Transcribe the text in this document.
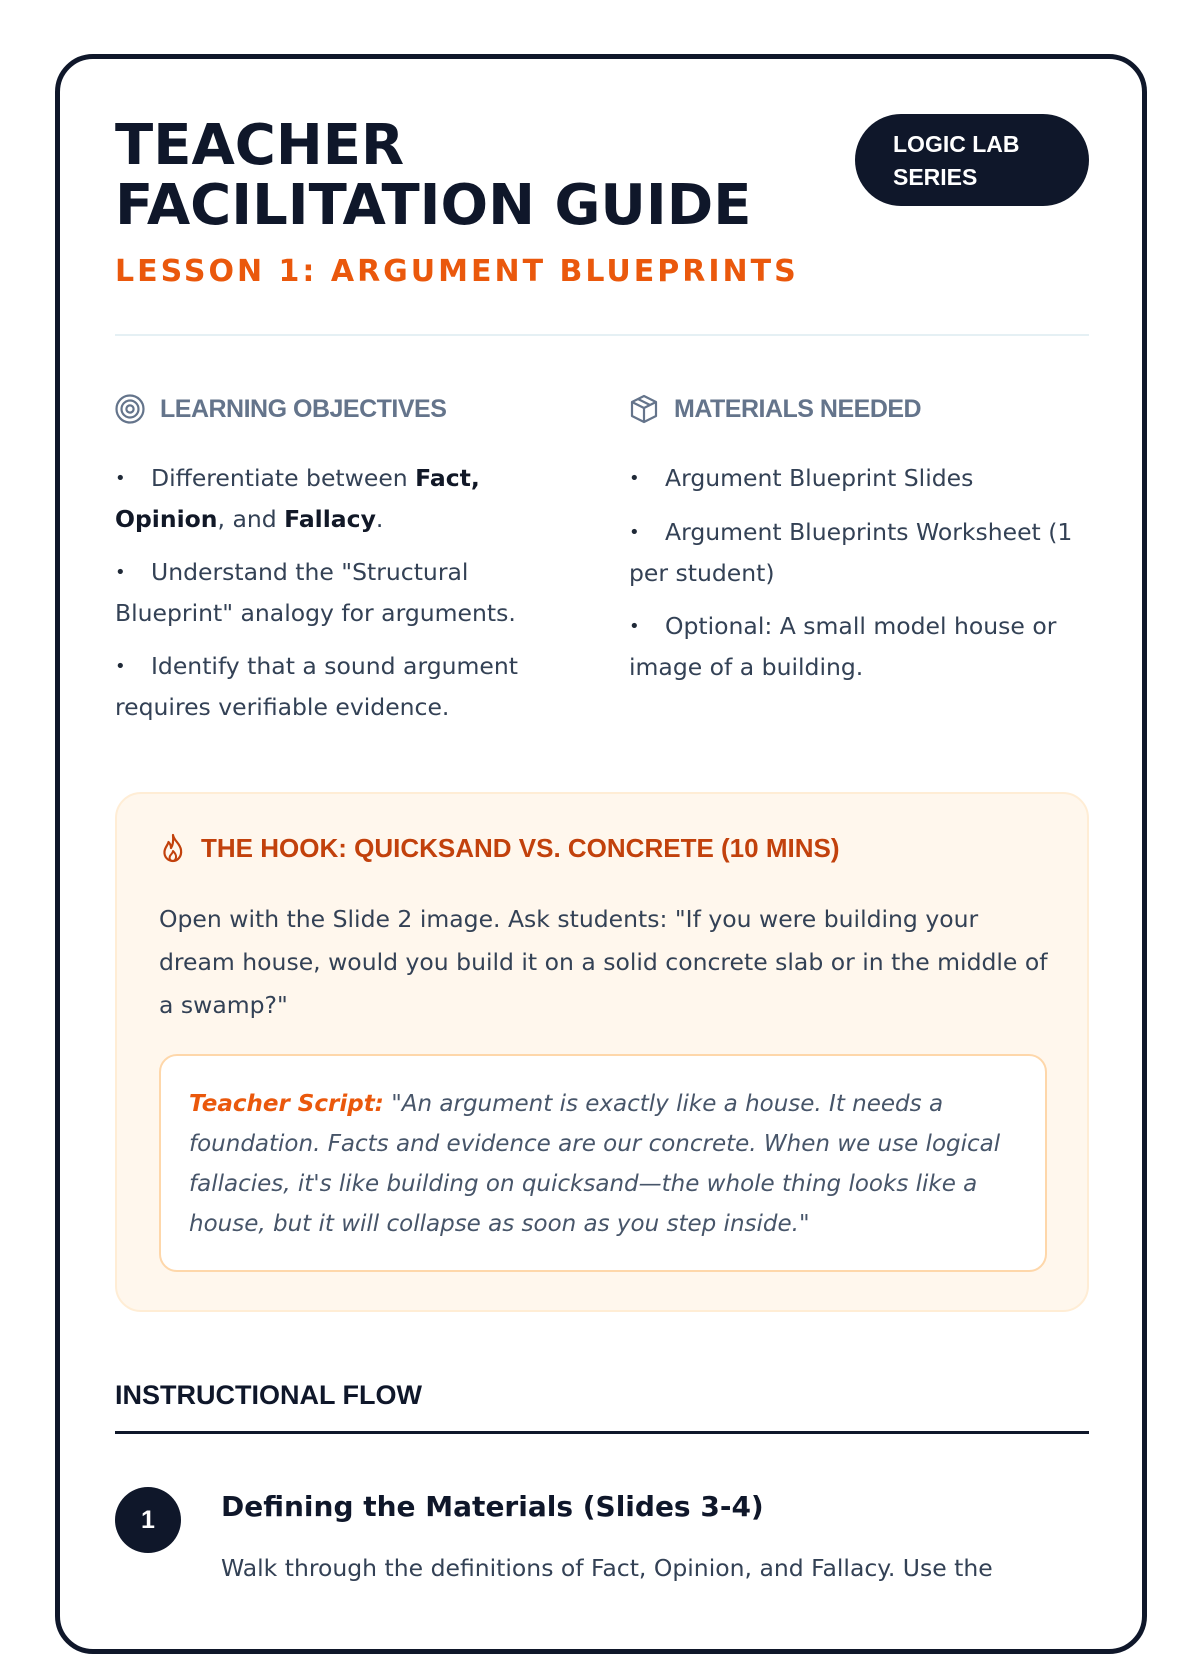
TEACHER
FACILITATION GUIDE
LESSON 1: ARGUMENT BLUEPRINTS
LOGIC LAB
SERIES
LEARNING OBJECTIVES	MATERIALS NEEDED
• Differentiate between Fact, Opinion, and Fallacy.
• Understand the "Structural Blueprint" analogy for arguments.
• Identify that a sound argument requires verifiable evidence.
• Argument Blueprint Slides
• Argument Blueprints Worksheet (1 per student)
• Optional: A small model house or image of a building.
THE HOOK: QUICKSAND VS. CONCRETE (10 MINS)

Open with the Slide 2 image. Ask students: "If you were building your dream house, would you build it on a solid concrete slab or in the middle of a swamp?"

Teacher Script: "An argument is exactly like a house. It needs a foundation. Facts and evidence are our concrete. When we use logical fallacies, it's like building on quicksand—the whole thing looks like a house, but it will collapse as soon as you step inside."
INSTRUCTIONAL FLOW
1	Defining the Materials (Slides 3-4)

Walk through the definitions of Fact, Opinion, and Fallacy. Use the
